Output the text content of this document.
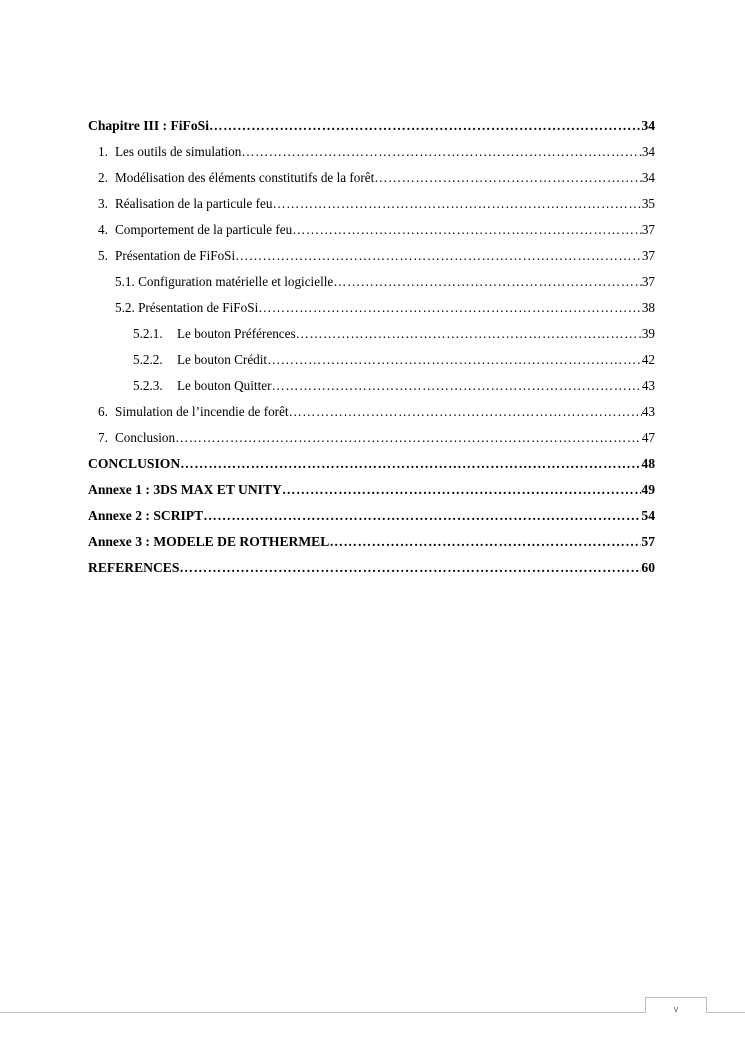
Chapitre III : FiFoSi ………………………………………………………………………………………………………………………………………………………………	34
1. Les outils de simulation ………………………………………………………………………………………………………………………………………………………………	34
2. Modélisation des éléments constitutifs de la forêt ………………………………………………………………………………………………………………………………………………………………	34
3. Réalisation de la particule feu ………………………………………………………………………………………………………………………………………………………………	35
4. Comportement de la particule feu ………………………………………………………………………………………………………………………………………………………………	37
5. Présentation de FiFoSi ………………………………………………………………………………………………………………………………………………………………	37
5.1. Configuration matérielle et logicielle ………………………………………………………………………………………………………………………………………………………………	37
5.2. Présentation de FiFoSi ………………………………………………………………………………………………………………………………………………………………	38
5.2.1.	Le bouton Préférences ………………………………………………………………………………………………………………………………………………………………	39
5.2.2.	Le bouton Crédit ………………………………………………………………………………………………………………………………………………………………	42
5.2.3.	Le bouton Quitter ………………………………………………………………………………………………………………………………………………………………	43
6. Simulation de l’incendie de forêt ………………………………………………………………………………………………………………………………………………………………	43
7. Conclusion ………………………………………………………………………………………………………………………………………………………………	47
CONCLUSION ………………………………………………………………………………………………………………………………………………………………	48
Annexe 1 : 3DS MAX ET UNITY ………………………………………………………………………………………………………………………………………………………………	49
Annexe 2 : SCRIPT ………………………………………………………………………………………………………………………………………………………………	54
Annexe 3 : MODELE DE ROTHERMEL ………………………………………………………………………………………………………………………………………………………………	57
REFERENCES ………………………………………………………………………………………………………………………………………………………………	60
v
